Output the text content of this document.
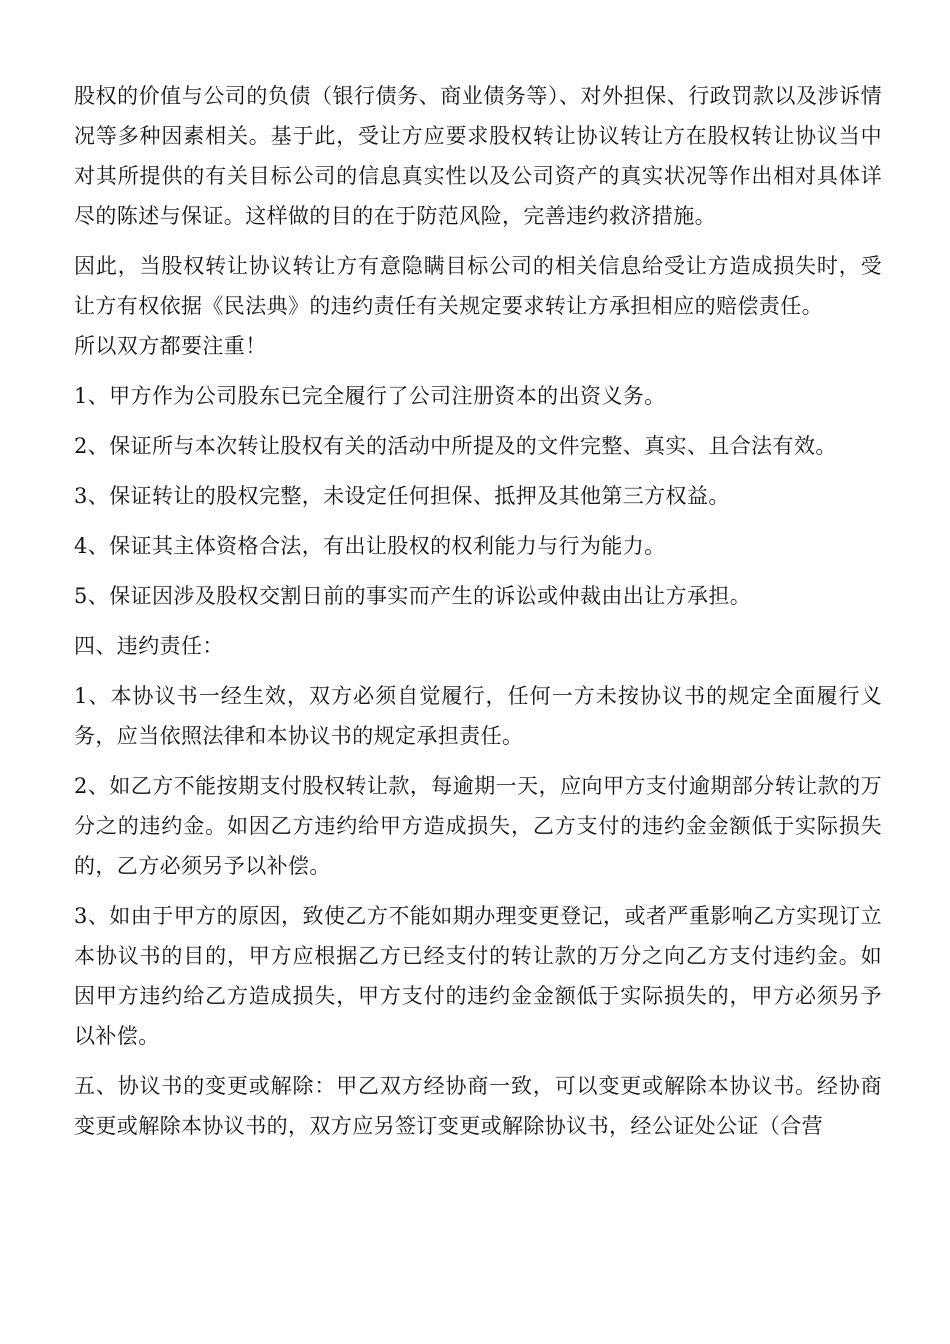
股权的价值与公司的负债（银行债务、商业债务等）、对外担保、行政罚款以及涉诉情况等多种因素相关。基于此，受让方应要求股权转让协议转让方在股权转让协议当中对其所提供的有关目标公司的信息真实性以及公司资产的真实状况等作出相对具体详尽的陈述与保证。这样做的目的在于防范风险，完善违约救济措施。

因此，当股权转让协议转让方有意隐瞒目标公司的相关信息给受让方造成损失时，受让方有权依据《民法典》的违约责任有关规定要求转让方承担相应的赔偿责任。

所以双方都要注重！

1、甲方作为公司股东已完全履行了公司注册资本的出资义务。

2、保证所与本次转让股权有关的活动中所提及的文件完整、真实、且合法有效。

3、保证转让的股权完整，未设定任何担保、抵押及其他第三方权益。

4、保证其主体资格合法，有出让股权的权利能力与行为能力。

5、保证因涉及股权交割日前的事实而产生的诉讼或仲裁由出让方承担。

四、违约责任：

1、本协议书一经生效，双方必须自觉履行，任何一方未按协议书的规定全面履行义务，应当依照法律和本协议书的规定承担责任。

2、如乙方不能按期支付股权转让款，每逾期一天，应向甲方支付逾期部分转让款的万分之的违约金。如因乙方违约给甲方造成损失，乙方支付的违约金金额低于实际损失的，乙方必须另予以补偿。

3、如由于甲方的原因，致使乙方不能如期办理变更登记，或者严重影响乙方实现订立本协议书的目的，甲方应根据乙方已经支付的转让款的万分之向乙方支付违约金。如因甲方违约给乙方造成损失，甲方支付的违约金金额低于实际损失的，甲方必须另予以补偿。

五、协议书的变更或解除：甲乙双方经协商一致，可以变更或解除本协议书。经协商变更或解除本协议书的，双方应另签订变更或解除协议书，经公证处公证（合营
